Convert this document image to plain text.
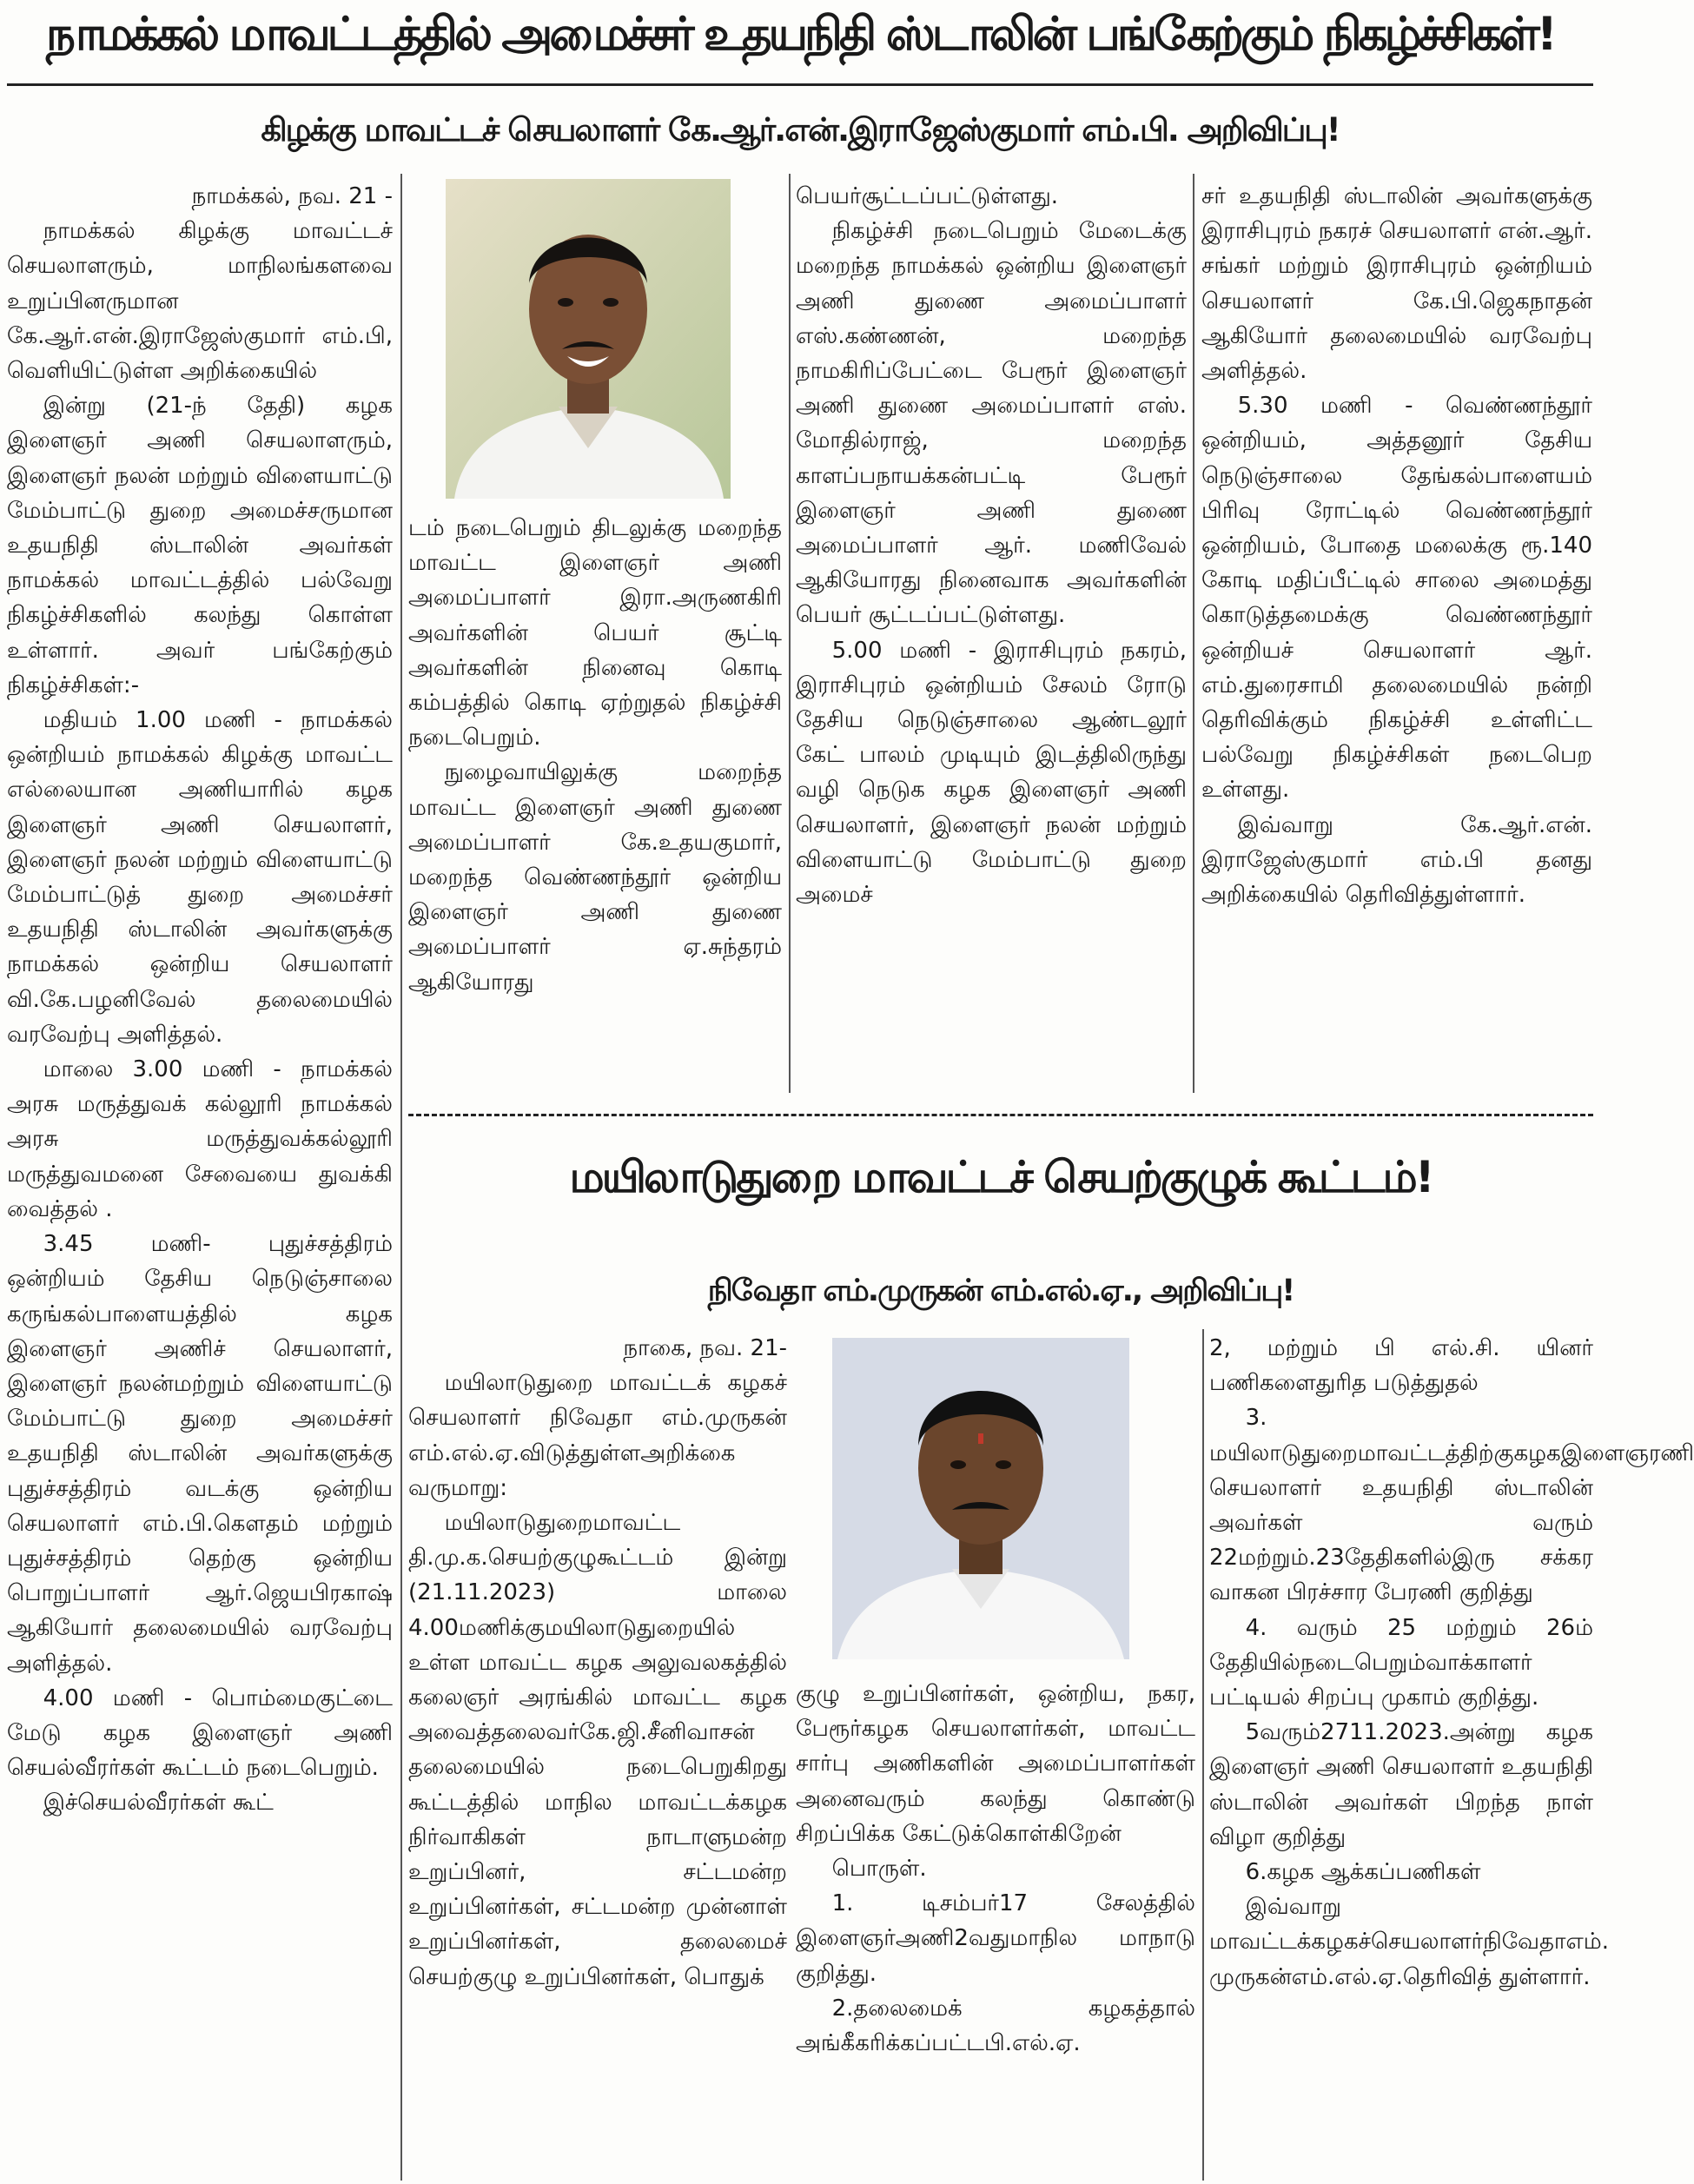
நாமக்கல் மாவட்டத்தில் அமைச்சர் உதயநிதி ஸ்டாலின் பங்கேற்கும் நிகழ்ச்சிகள்!
கிழக்கு மாவட்டச் செயலாளர் கே.ஆர்.என்.இராஜேஸ்குமார் எம்.பி. அறிவிப்பு!

நாமக்கல், நவ. 21 -

நாமக்கல் கிழக்கு மாவட்டச் செயலாளரும், மாநிலங்களவை உறுப்பினருமான கே.ஆர்.என்.இராஜேஸ்குமார் எம்.பி, வெளியிட்டுள்ள அறிக்கையில்

இன்று (21-ந் தேதி) கழக இளைஞர் அணி செயலாளரும், இளைஞர் நலன் மற்றும் விளையாட்டு மேம்பாட்டு துறை அமைச்சருமான உதயநிதி ஸ்டாலின் அவர்கள் நாமக்கல் மாவட்டத்தில் பல்வேறு நிகழ்ச்சிகளில் கலந்து கொள்ள உள்ளார். அவர் பங்கேற்கும் நிகழ்ச்சிகள்:-

மதியம் 1.00 மணி - நாமக்கல் ஒன்றியம் நாமக்கல் கிழக்கு மாவட்ட எல்லையான அணியாரில் கழக இளைஞர் அணி செயலாளர், இளைஞர் நலன் மற்றும் விளையாட்டு மேம்பாட்டுத் துறை அமைச்சர் உதயநிதி ஸ்டாலின் அவர்களுக்கு நாமக்கல் ஒன்றிய செயலாளர் வி.கே.பழனிவேல் தலைமையில் வரவேற்பு அளித்தல்.

மாலை 3.00 மணி - நாமக்கல் அரசு மருத்துவக் கல்லூரி நாமக்கல் அரசு மருத்துவக்கல்லூரி மருத்துவமனை சேவையை துவக்கி வைத்தல் .

3.45 மணி- புதுச்சத்திரம் ஒன்றியம் தேசிய நெடுஞ்சாலை கருங்கல்பாளையத்தில் கழக இளைஞர் அணிச் செயலாளர், இளைஞர் நலன்மற்றும் விளையாட்டு மேம்பாட்டு துறை அமைச்சர் உதயநிதி ஸ்டாலின் அவர்களுக்கு புதுச்சத்திரம் வடக்கு ஒன்றிய செயலாளர் எம்.பி.கௌதம் மற்றும் புதுச்சத்திரம் தெற்கு ஒன்றிய பொறுப்பாளர் ஆர்.ஜெயபிரகாஷ் ஆகியோர் தலைமையில் வரவேற்பு அளித்தல்.

4.00 மணி - பொம்மைகுட்டை மேடு கழக இளைஞர் அணி செயல்வீரர்கள் கூட்டம் நடைபெறும்.

இச்செயல்வீரர்கள் கூட்

டம் நடைபெறும் திடலுக்கு மறைந்த மாவட்ட இளைஞர் அணி அமைப்பாளர் இரா.அருணகிரி அவர்களின் பெயர் சூட்டி அவர்களின் நினைவு கொடி கம்பத்தில் கொடி ஏற்றுதல் நிகழ்ச்சி நடைபெறும்.

நுழைவாயிலுக்கு மறைந்த மாவட்ட இளைஞர் அணி துணை அமைப்பாளர் கே.உதயகுமார், மறைந்த வெண்ணந்தூர் ஒன்றிய இளைஞர் அணி துணை அமைப்பாளர் ஏ.சுந்தரம் ஆகியோரது

பெயர்சூட்டப்பட்டுள்ளது.

நிகழ்ச்சி நடைபெறும் மேடைக்கு மறைந்த நாமக்கல் ஒன்றிய இளைஞர் அணி துணை அமைப்பாளர் எஸ்.கண்ணன், மறைந்த நாமகிரிப்பேட்டை பேரூர் இளைஞர் அணி துணை அமைப்பாளர் எஸ். மோதில்ராஜ், மறைந்த காளப்பநாயக்கன்பட்டி பேரூர் இளைஞர் அணி துணை அமைப்பாளர் ஆர். மணிவேல் ஆகியோரது நினைவாக அவர்களின் பெயர் சூட்டப்பட்டுள்ளது.

5.00 மணி - இராசிபுரம் நகரம், இராசிபுரம் ஒன்றியம் சேலம் ரோடு தேசிய நெடுஞ்சாலை ஆண்டலூர் கேட் பாலம் முடியும் இடத்திலிருந்து வழி நெடுக கழக இளைஞர் அணி செயலாளர், இளைஞர் நலன் மற்றும் விளையாட்டு மேம்பாட்டு துறை அமைச்

சர் உதயநிதி ஸ்டாலின் அவர்களுக்கு இராசிபுரம் நகரச் செயலாளர் என்.ஆர். சங்கர் மற்றும் இராசிபுரம் ஒன்றியம் செயலாளர் கே.பி.ஜெகநாதன் ஆகியோர் தலைமையில் வரவேற்பு அளித்தல்.

5.30 மணி - வெண்ணந்தூர் ஒன்றியம், அத்தனூர் தேசிய நெடுஞ்சாலை தேங்கல்பாளையம் பிரிவு ரோட்டில் வெண்ணந்தூர் ஒன்றியம், போதை மலைக்கு ரூ.140 கோடி மதிப்பீட்டில் சாலை அமைத்து கொடுத்தமைக்கு வெண்ணந்தூர் ஒன்றியச் செயலாளர் ஆர். எம்.துரைசாமி தலைமையில் நன்றி தெரிவிக்கும் நிகழ்ச்சி உள்ளிட்ட பல்வேறு நிகழ்ச்சிகள் நடைபெற உள்ளது.

இவ்வாறு கே.ஆர்.என். இராஜேஸ்குமார் எம்.பி தனது அறிக்கையில் தெரிவித்துள்ளார்.

மயிலாடுதுறை மாவட்டச் செயற்குழுக் கூட்டம்!
நிவேதா எம்.முருகன் எம்.எல்.ஏ., அறிவிப்பு!

நாகை, நவ. 21-

மயிலாடுதுறை மாவட்டக் கழகச் செயலாளர் நிவேதா எம்.முருகன் எம்.எல்.ஏ.விடுத்துள்ளஅறிக்கை வருமாறு:

மயிலாடுதுறைமாவட்ட தி.மு.க.செயற்குழுகூட்டம் இன்று (21.11.2023) மாலை 4.00மணிக்குமயிலாடுதுறையில் உள்ள மாவட்ட கழக அலுவலகத்தில் கலைஞர் அரங்கில் மாவட்ட கழக அவைத்தலைவர்கே.ஜி.சீனிவாசன் தலைமையில் நடைபெறுகிறது கூட்டத்தில் மாநில மாவட்டக்கழக நிர்வாகிகள் நாடாளுமன்ற உறுப்பினர், சட்டமன்ற உறுப்பினர்கள், சட்டமன்ற முன்னாள் உறுப்பினர்கள், தலைமைச் செயற்குழு உறுப்பினர்கள், பொதுக்

குழு உறுப்பினர்கள், ஒன்றிய, நகர, பேரூர்கழக செயலாளர்கள், மாவட்ட சார்பு அணிகளின் அமைப்பாளர்கள் அனைவரும் கலந்து கொண்டு சிறப்பிக்க கேட்டுக்கொள்கிறேன்

பொருள்.

1. டிசம்பர்17 சேலத்தில் இளைஞர்அணி2வதுமாநில மாநாடு குறித்து.

2.தலைமைக் கழகத்தால் அங்கீகரிக்கப்பட்டபி.எல்.ஏ.

2, மற்றும் பி எல்.சி. யினர் பணிகளைதுரித படுத்துதல்

3. மயிலாடுதுறைமாவட்டத்திற்குகழகஇளைஞரணி செயலாளர் உதயநிதி ஸ்டாலின் அவர்கள் வரும் 22மற்றும்.23தேதிகளில்இரு சக்கர வாகன பிரச்சார பேரணி குறித்து

4. வரும் 25 மற்றும் 26ம் தேதியில்நடைபெறும்வாக்காளர் பட்டியல் சிறப்பு முகாம் குறித்து.

5வரும்2711.2023.அன்று கழக இளைஞர் அணி செயலாளர் உதயநிதி ஸ்டாலின் அவர்கள் பிறந்த நாள் விழா குறித்து

6.கழக ஆக்கப்பணிகள்

இவ்வாறு மாவட்டக்கழகச்செயலாளர்நிவேதாஎம். முருகன்எம்.எல்.ஏ.தெரிவித் துள்ளார்.
